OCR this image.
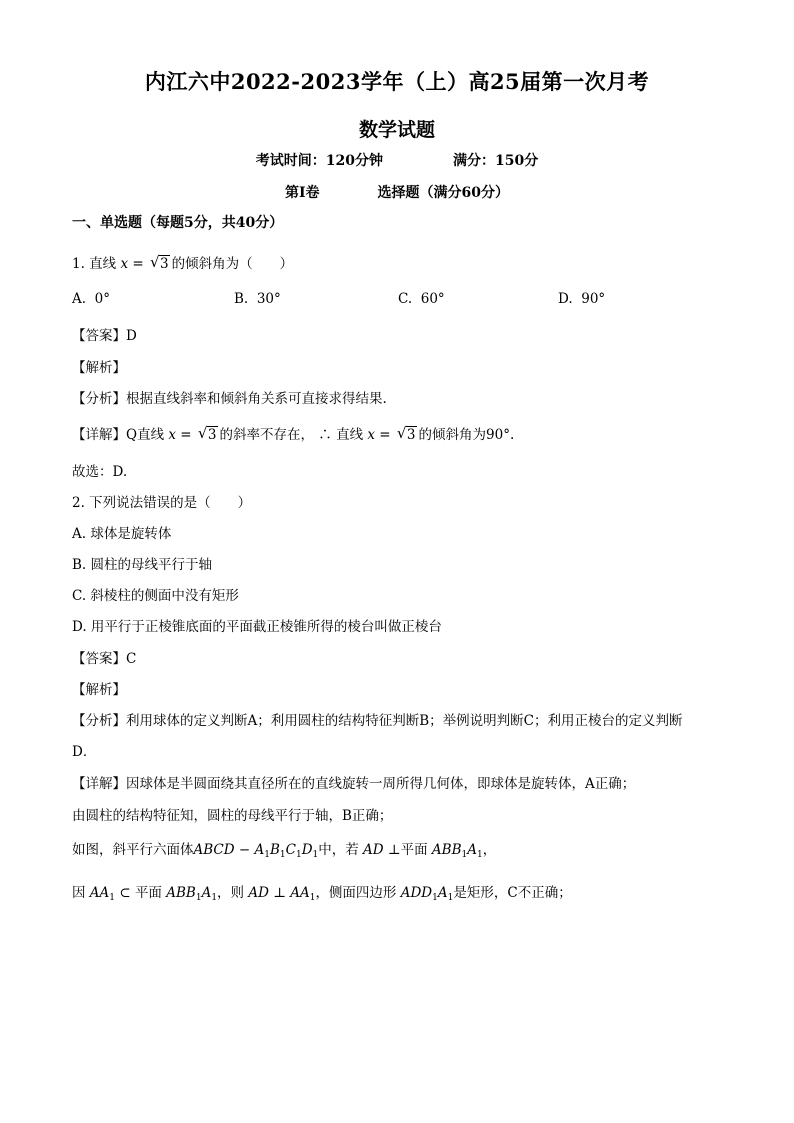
内江六中2022-2023学年（上）高25届第一次月考
数学试题
考试时间：120分钟	满分：150分
第Ⅰ卷	选择题（满分60分）
一、单选题（每题5分，共40分）
1. 直线 x = √ 3 的倾斜角为（　　）
A. 0°	B. 30°	C. 60°	D. 90°
【答案】D
【解析】
【分析】根据直线斜率和倾斜角关系可直接求得结果.
【详解】Q直线 x = √ 3 的斜率不存在， ∴ 直线 x = √ 3 的倾斜角为90°.
故选：D.
2. 下列说法错误的是（　　）
A. 球体是旋转体
B. 圆柱的母线平行于轴
C. 斜棱柱的侧面中没有矩形
D. 用平行于正棱锥底面的平面截正棱锥所得的棱台叫做正棱台
【答案】C
【解析】
【分析】利用球体的定义判断A；利用圆柱的结构特征判断B；举例说明判断C；利用正棱台的定义判断
D．
【详解】因球体是半圆面绕其直径所在的直线旋转一周所得几何体，即球体是旋转体，A正确；
由圆柱的结构特征知，圆柱的母线平行于轴，B正确；
如图，斜平行六面体ABCD − $A_1B_1C_1D_1$中，若 AD ⊥平面 $ABB_1A_1$，
因 $AA_1$ ⊂ 平面 $ABB_1A_1$，则 AD ⊥ $AA_1$，侧面四边形 $ADD_1A_1$是矩形，C不正确；
